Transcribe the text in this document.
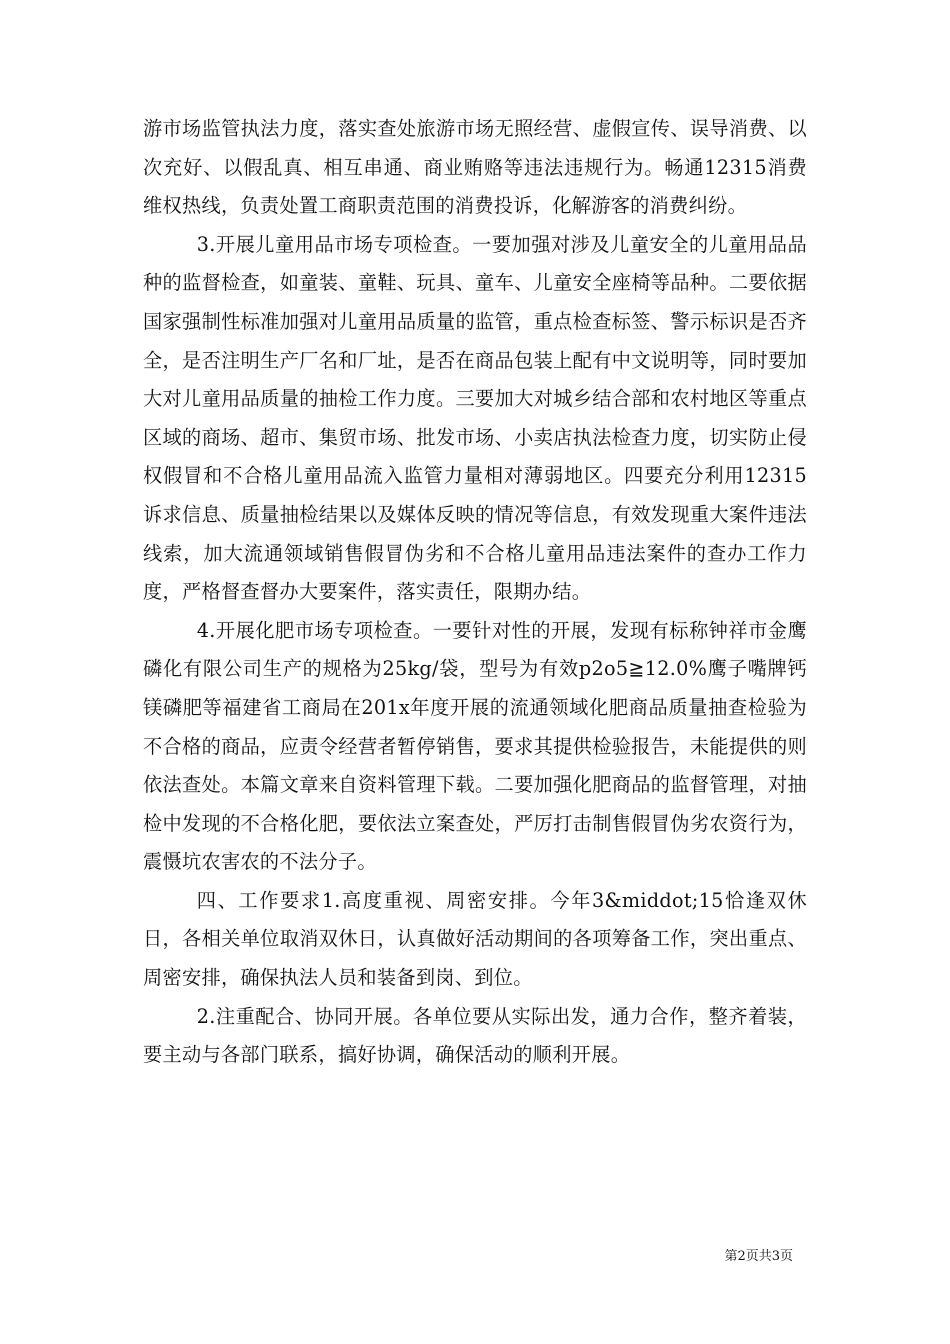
游市场监管执法力度，落实查处旅游市场无照经营、虚假宣传、误导消费、以次充好、以假乱真、相互串通、商业贿赂等违法违规行为。畅通12315消费维权热线，负责处置工商职责范围的消费投诉，化解游客的消费纠纷。

3.开展儿童用品市场专项检查。一要加强对涉及儿童安全的儿童用品品种的监督检查，如童装、童鞋、玩具、童车、儿童安全座椅等品种。二要依据国家强制性标准加强对儿童用品质量的监管，重点检查标签、警示标识是否齐全，是否注明生产厂名和厂址，是否在商品包装上配有中文说明等，同时要加大对儿童用品质量的抽检工作力度。三要加大对城乡结合部和农村地区等重点区域的商场、超市、集贸市场、批发市场、小卖店执法检查力度，切实防止侵权假冒和不合格儿童用品流入监管力量相对薄弱地区。四要充分利用12315诉求信息、质量抽检结果以及媒体反映的情况等信息，有效发现重大案件违法线索，加大流通领域销售假冒伪劣和不合格儿童用品违法案件的查办工作力度，严格督查督办大要案件，落实责任，限期办结。

4.开展化肥市场专项检查。一要针对性的开展，发现有标称钟祥市金鹰磷化有限公司生产的规格为25kg/袋，型号为有效p2o5≧12.0%鹰子嘴牌钙镁磷肥等福建省工商局在201x年度开展的流通领域化肥商品质量抽查检验为不合格的商品，应责令经营者暂停销售，要求其提供检验报告，未能提供的则依法查处。本篇文章来自资料管理下载。二要加强化肥商品的监督管理，对抽检中发现的不合格化肥，要依法立案查处，严厉打击制售假冒伪劣农资行为，震慑坑农害农的不法分子。

四、工作要求1.高度重视、周密安排。今年3&middot;15恰逢双休日，各相关单位取消双休日，认真做好活动期间的各项筹备工作，突出重点、周密安排，确保执法人员和装备到岗、到位。

2.注重配合、协同开展。各单位要从实际出发，通力合作，整齐着装，要主动与各部门联系，搞好协调，确保活动的顺利开展。

第2页共3页
